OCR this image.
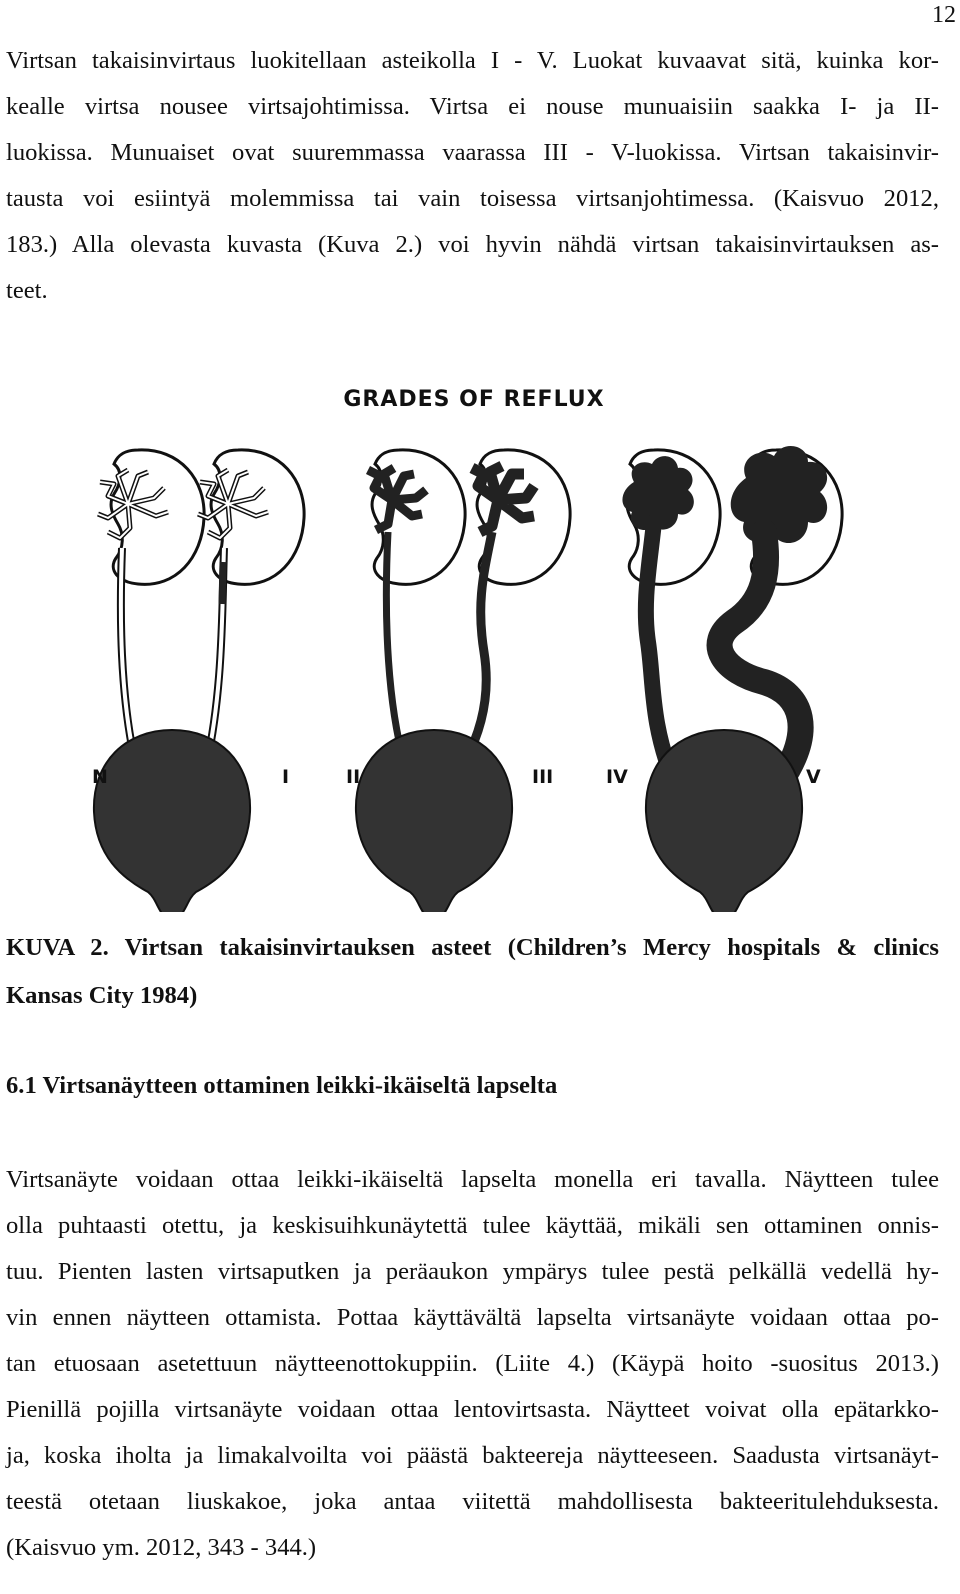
12

Virtsan takaisinvirtaus luokitellaan asteikolla I - V. Luokat kuvaavat sitä, kuinka kor-
kealle virtsa nousee virtsajohtimissa. Virtsa ei nouse munuaisiin saakka I- ja II-
luokissa. Munuaiset ovat suuremmassa vaarassa III - V-luokissa. Virtsan takaisinvir-
tausta voi esiintyä molemmissa tai vain toisessa virtsanjohtimessa. (Kaisvuo 2012,
183.) Alla olevasta kuvasta (Kuva 2.) voi hyvin nähdä virtsan takaisinvirtauksen as-
teet.

GRADES OF REFLUX
N	I	II	III	IV	V

KUVA 2. Virtsan takaisinvirtauksen asteet (Children’s Mercy hospitals & clinics
Kansas City 1984)

6.1 Virtsanäytteen ottaminen leikki-ikäiseltä lapselta

Virtsanäyte voidaan ottaa leikki-ikäiseltä lapselta monella eri tavalla. Näytteen tulee
olla puhtaasti otettu, ja keskisuihkunäytettä tulee käyttää, mikäli sen ottaminen onnis-
tuu. Pienten lasten virtsaputken ja peräaukon ympärys tulee pestä pelkällä vedellä hy-
vin ennen näytteen ottamista. Pottaa käyttävältä lapselta virtsanäyte voidaan ottaa po-
tan etuosaan asetettuun näytteenottokuppiin. (Liite 4.) (Käypä hoito -suositus 2013.)
Pienillä pojilla virtsanäyte voidaan ottaa lentovirtsasta. Näytteet voivat olla epätarkko-
ja, koska iholta ja limakalvoilta voi päästä bakteereja näytteeseen. Saadusta virtsanäyt-
teestä otetaan liuskakoe, joka antaa viitettä mahdollisesta bakteeritulehduksesta.
(Kaisvuo ym. 2012, 343 - 344.)
